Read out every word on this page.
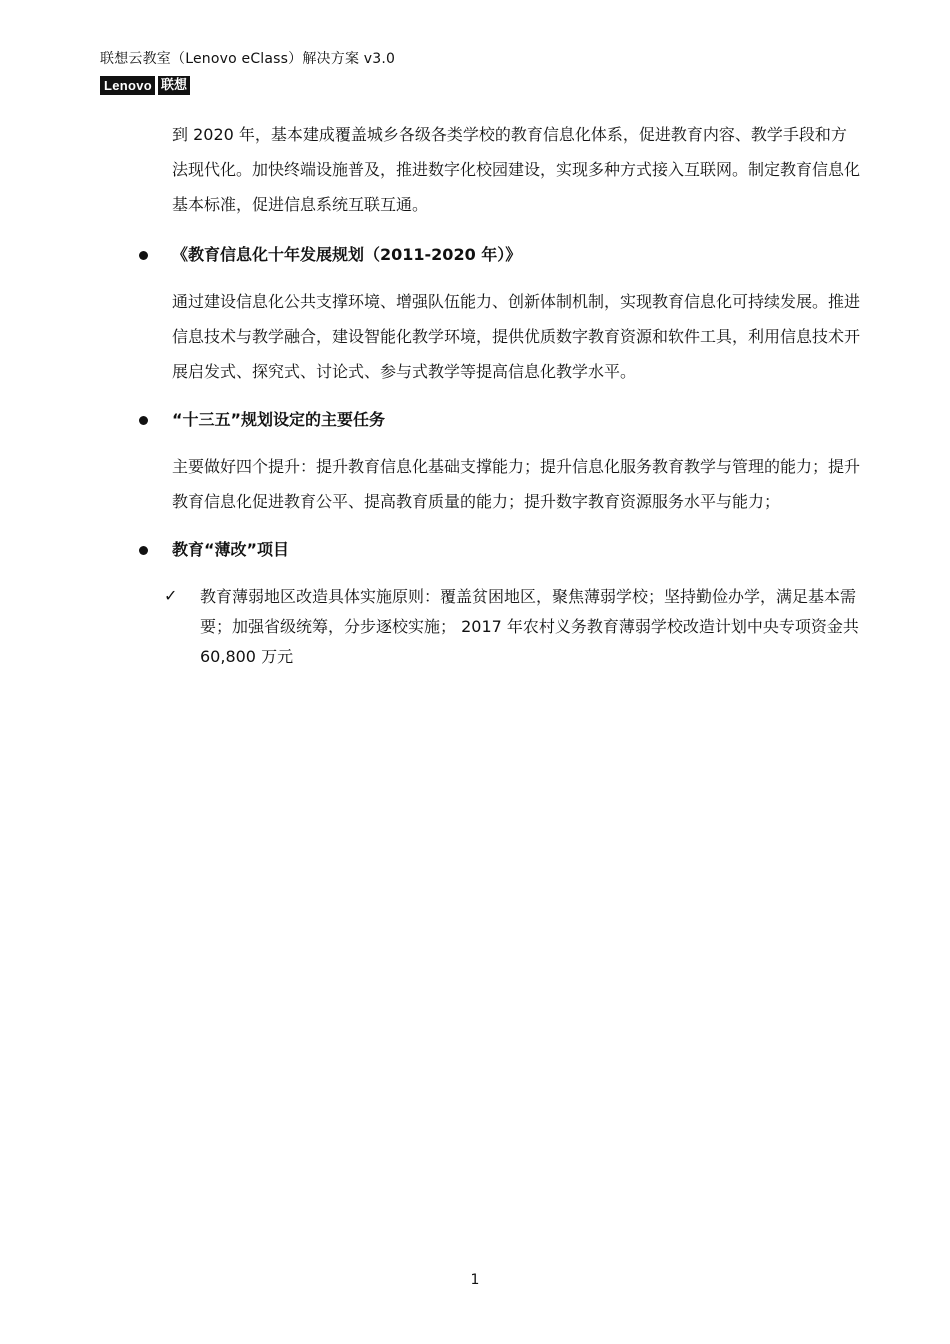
联想云教室（Lenovo eClass）解决方案 v3.0
Lenovo 联想

到 2020 年，基本建成覆盖城乡各级各类学校的教育信息化体系，促进教育内容、教学手段和方法现代化。加快终端设施普及，推进数字化校园建设，实现多种方式接入互联网。制定教育信息化基本标准，促进信息系统互联互通。

《教育信息化十年发展规划（2011-2020 年）》

通过建设信息化公共支撑环境、增强队伍能力、创新体制机制，实现教育信息化可持续发展。推进信息技术与教学融合，建设智能化教学环境，提供优质数字教育资源和软件工具，利用信息技术开展启发式、探究式、讨论式、参与式教学等提高信息化教学水平。

“十三五”规划设定的主要任务

主要做好四个提升：提升教育信息化基础支撑能力；提升信息化服务教育教学与管理的能力；提升教育信息化促进教育公平、提高教育质量的能力；提升数字教育资源服务水平与能力；

教育“薄改”项目
✓ 教育薄弱地区改造具体实施原则：覆盖贫困地区，聚焦薄弱学校；坚持勤俭办学，满足基本需要；加强省级统筹，分步逐校实施； 2017 年农村义务教育薄弱学校改造计划中央专项资金共 60,800 万元

1
